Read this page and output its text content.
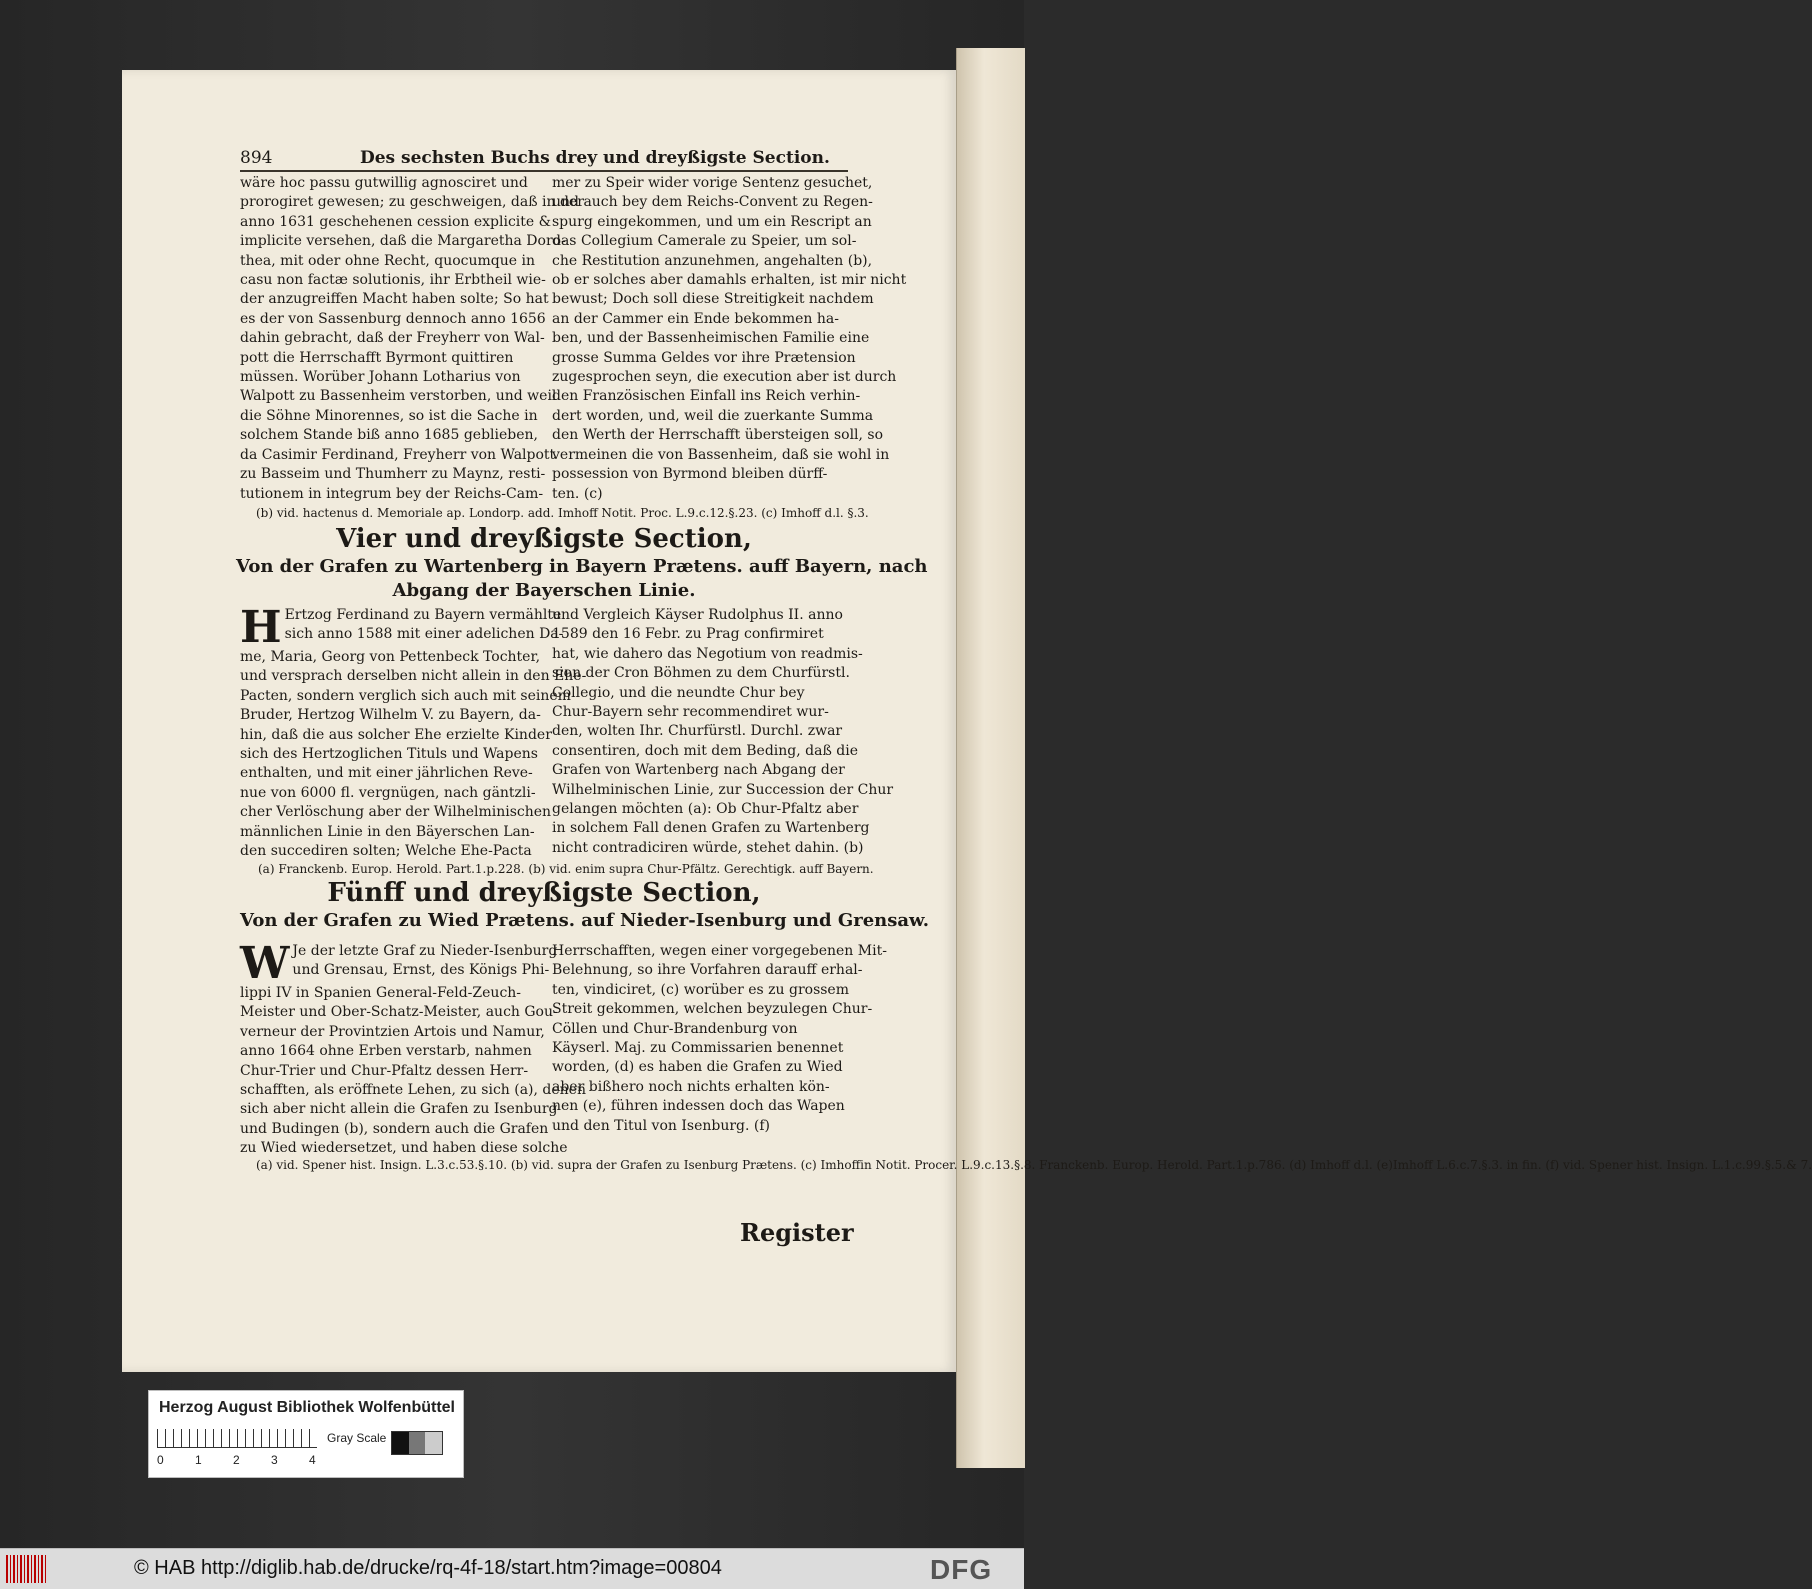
894	Des sechsten Buchs drey und dreyßigste Section.
wäre hoc passu gutwillig agnosciret und
prorogiret gewesen; zu geschweigen, daß in der
anno 1631 geschehenen cession explicite &
implicite versehen, daß die Margaretha Doro-
thea, mit oder ohne Recht, quocumque in
casu non factæ solutionis, ihr Erbtheil wie-
der anzugreiffen Macht haben solte; So hat
es der von Sassenburg dennoch anno 1656
dahin gebracht, daß der Freyherr von Wal-
pott die Herrschafft Byrmont quittiren
müssen. Worüber Johann Lotharius von
Walpott zu Bassenheim verstorben, und weil
die Söhne Minorennes, so ist die Sache in
solchem Stande biß anno 1685 geblieben,
da Casimir Ferdinand, Freyherr von Walpott
zu Basseim und Thumherr zu Maynz, resti-
tutionem in integrum bey der Reichs-Cam-
mer zu Speir wider vorige Sentenz gesuchet,
und auch bey dem Reichs-Convent zu Regen-
spurg eingekommen, und um ein Rescript an
das Collegium Camerale zu Speier, um sol-
che Restitution anzunehmen, angehalten (b),
ob er solches aber damahls erhalten, ist mir nicht
bewust; Doch soll diese Streitigkeit nachdem
an der Cammer ein Ende bekommen ha-
ben, und der Bassenheimischen Familie eine
grosse Summa Geldes vor ihre Prætension
zugesprochen seyn, die execution aber ist durch
den Französischen Einfall ins Reich verhin-
dert worden, und, weil die zuerkante Summa
den Werth der Herrschafft übersteigen soll, so
vermeinen die von Bassenheim, daß sie wohl in
possession von Byrmond bleiben dürff-
ten. (c)
(b) vid. hactenus d. Memoriale ap. Londorp. add. Imhoff Notit. Proc. L.9.c.12.§.23. (c) Imhoff d.l. §.3.
Vier und dreyßigste Section,
Von der Grafen zu Wartenberg in Bayern Prætens. auff Bayern, nach
Abgang der Bayerschen Linie.
H Ertzog Ferdinand zu Bayern vermählte
sich anno 1588 mit einer adelichen Da-
me, Maria, Georg von Pettenbeck Tochter,
und versprach derselben nicht allein in den Ehe-
Pacten, sondern verglich sich auch mit seinem
Bruder, Hertzog Wilhelm V. zu Bayern, da-
hin, daß die aus solcher Ehe erzielte Kinder
sich des Hertzoglichen Tituls und Wapens
enthalten, und mit einer jährlichen Reve-
nue von 6000 fl. vergnügen, nach gäntzli-
cher Verlöschung aber der Wilhelminischen
männlichen Linie in den Bäyerschen Lan-
den succediren solten; Welche Ehe-Pacta
und Vergleich Käyser Rudolphus II. anno
1589 den 16 Febr. zu Prag confirmiret
hat, wie dahero das Negotium von readmis-
sion der Cron Böhmen zu dem Churfürstl.
Collegio, und die neundte Chur bey
Chur-Bayern sehr recommendiret wur-
den, wolten Ihr. Churfürstl. Durchl. zwar
consentiren, doch mit dem Beding, daß die
Grafen von Wartenberg nach Abgang der
Wilhelminischen Linie, zur Succession der Chur
gelangen möchten (a): Ob Chur-Pfaltz aber
in solchem Fall denen Grafen zu Wartenberg
nicht contradiciren würde, stehet dahin. (b)
(a) Franckenb. Europ. Herold. Part.1.p.228. (b) vid. enim supra Chur-Pfältz. Gerechtigk. auff Bayern.
Fünff und dreyßigste Section,
Von der Grafen zu Wied Prætens. auf Nieder-Isenburg und Grensaw.
W Je der letzte Graf zu Nieder-Isenburg
und Grensau, Ernst, des Königs Phi-
lippi IV in Spanien General-Feld-Zeuch-
Meister und Ober-Schatz-Meister, auch Gou-
verneur der Provintzien Artois und Namur,
anno 1664 ohne Erben verstarb, nahmen
Chur-Trier und Chur-Pfaltz dessen Herr-
schafften, als eröffnete Lehen, zu sich (a), denen
sich aber nicht allein die Grafen zu Isenburg
und Budingen (b), sondern auch die Grafen
zu Wied wiedersetzet, und haben diese solche
Herrschafften, wegen einer vorgegebenen Mit-
Belehnung, so ihre Vorfahren darauff erhal-
ten, vindiciret, (c) worüber es zu grossem
Streit gekommen, welchen beyzulegen Chur-
Cöllen und Chur-Brandenburg von
Käyserl. Maj. zu Commissarien benennet
worden, (d) es haben die Grafen zu Wied
aber bißhero noch nichts erhalten kön-
nen (e), führen indessen doch das Wapen
und den Titul von Isenburg. (f)
(a) vid. Spener hist. Insign. L.3.c.53.§.10. (b) vid. supra der Grafen zu Isenburg Prætens. (c) Imhoffin Notit. Procer. L.9.c.13.§.8. Franckenb. Europ. Herold. Part.1.p.786. (d) Imhoff d.l. (e)Imhoff L.6.c.7.§.3. in fin. (f) vid. Spener hist. Insign. L.1.c.99.§.5.& 7.
Register
Herzog August Bibliothek Wolfenbüttel
0	1	2	3	4
Gray Scale
© HAB http://diglib.hab.de/drucke/rq-4f-18/start.htm?image=00804	DFG
